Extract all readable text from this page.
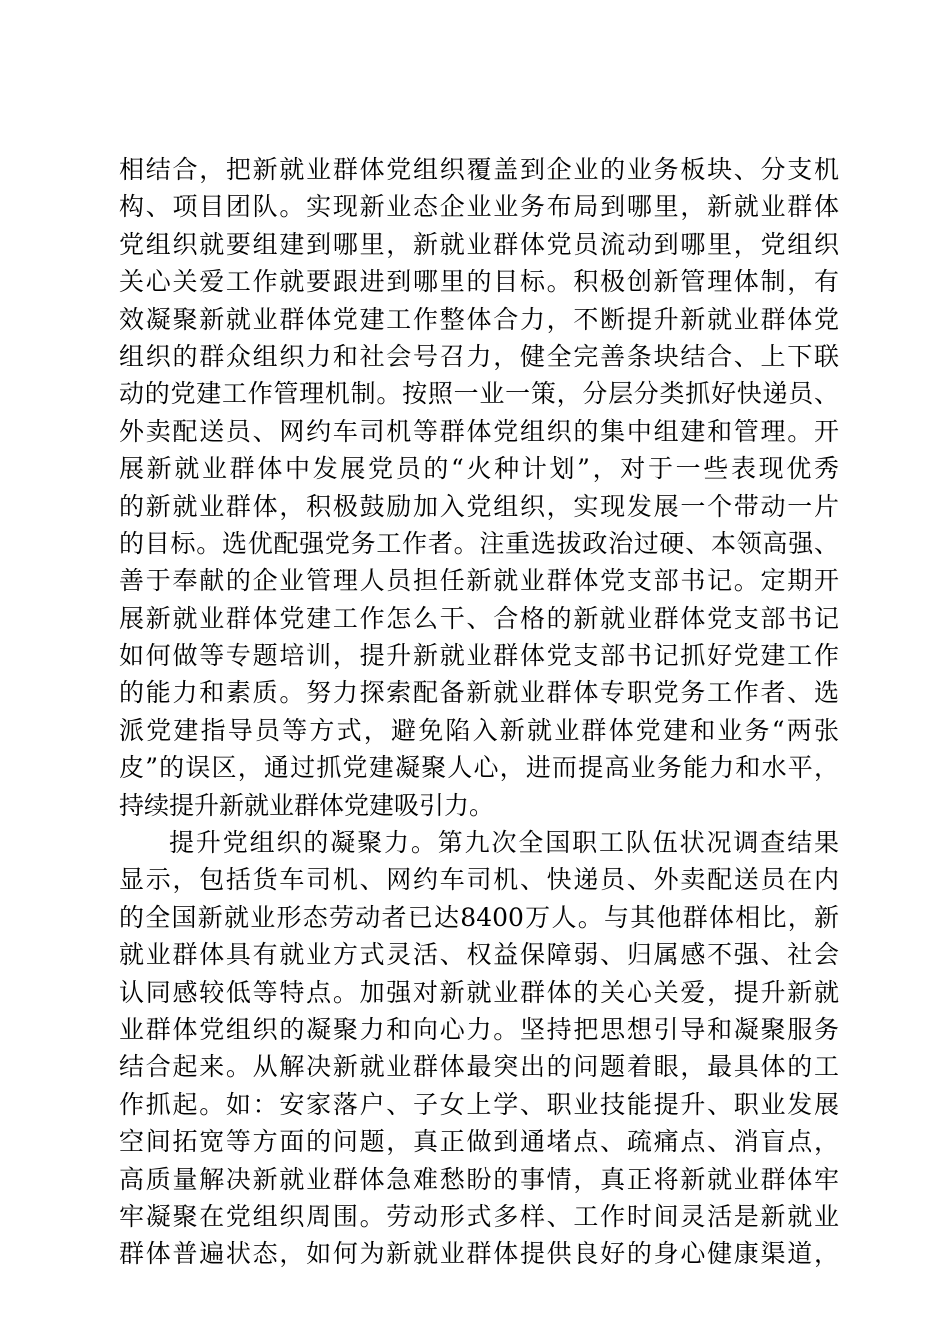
相结合，把新就业群体党组织覆盖到企业的业务板块、分支机
构、项目团队。实现新业态企业业务布局到哪里，新就业群体
党组织就要组建到哪里，新就业群体党员流动到哪里，党组织
关心关爱工作就要跟进到哪里的目标。积极创新管理体制，有
效凝聚新就业群体党建工作整体合力，不断提升新就业群体党
组织的群众组织力和社会号召力，健全完善条块结合、上下联
动的党建工作管理机制。按照一业一策，分层分类抓好快递员、
外卖配送员、网约车司机等群体党组织的集中组建和管理。开
展新就业群体中发展党员的“火种计划”，对于一些表现优秀
的新就业群体，积极鼓励加入党组织，实现发展一个带动一片
的目标。选优配强党务工作者。注重选拔政治过硬、本领高强、
善于奉献的企业管理人员担任新就业群体党支部书记。定期开
展新就业群体党建工作怎么干、合格的新就业群体党支部书记
如何做等专题培训，提升新就业群体党支部书记抓好党建工作
的能力和素质。努力探索配备新就业群体专职党务工作者、选
派党建指导员等方式，避免陷入新就业群体党建和业务“两张
皮”的误区，通过抓党建凝聚人心，进而提高业务能力和水平，
持续提升新就业群体党建吸引力。
提升党组织的凝聚力。第九次全国职工队伍状况调查结果
显示，包括货车司机、网约车司机、快递员、外卖配送员在内
的全国新就业形态劳动者已达8400万人。与其他群体相比，新
就业群体具有就业方式灵活、权益保障弱、归属感不强、社会
认同感较低等特点。加强对新就业群体的关心关爱，提升新就
业群体党组织的凝聚力和向心力。坚持把思想引导和凝聚服务
结合起来。从解决新就业群体最突出的问题着眼，最具体的工
作抓起。如：安家落户、子女上学、职业技能提升、职业发展
空间拓宽等方面的问题，真正做到通堵点、疏痛点、消盲点，
高质量解决新就业群体急难愁盼的事情，真正将新就业群体牢
牢凝聚在党组织周围。劳动形式多样、工作时间灵活是新就业
群体普遍状态，如何为新就业群体提供良好的身心健康渠道，
